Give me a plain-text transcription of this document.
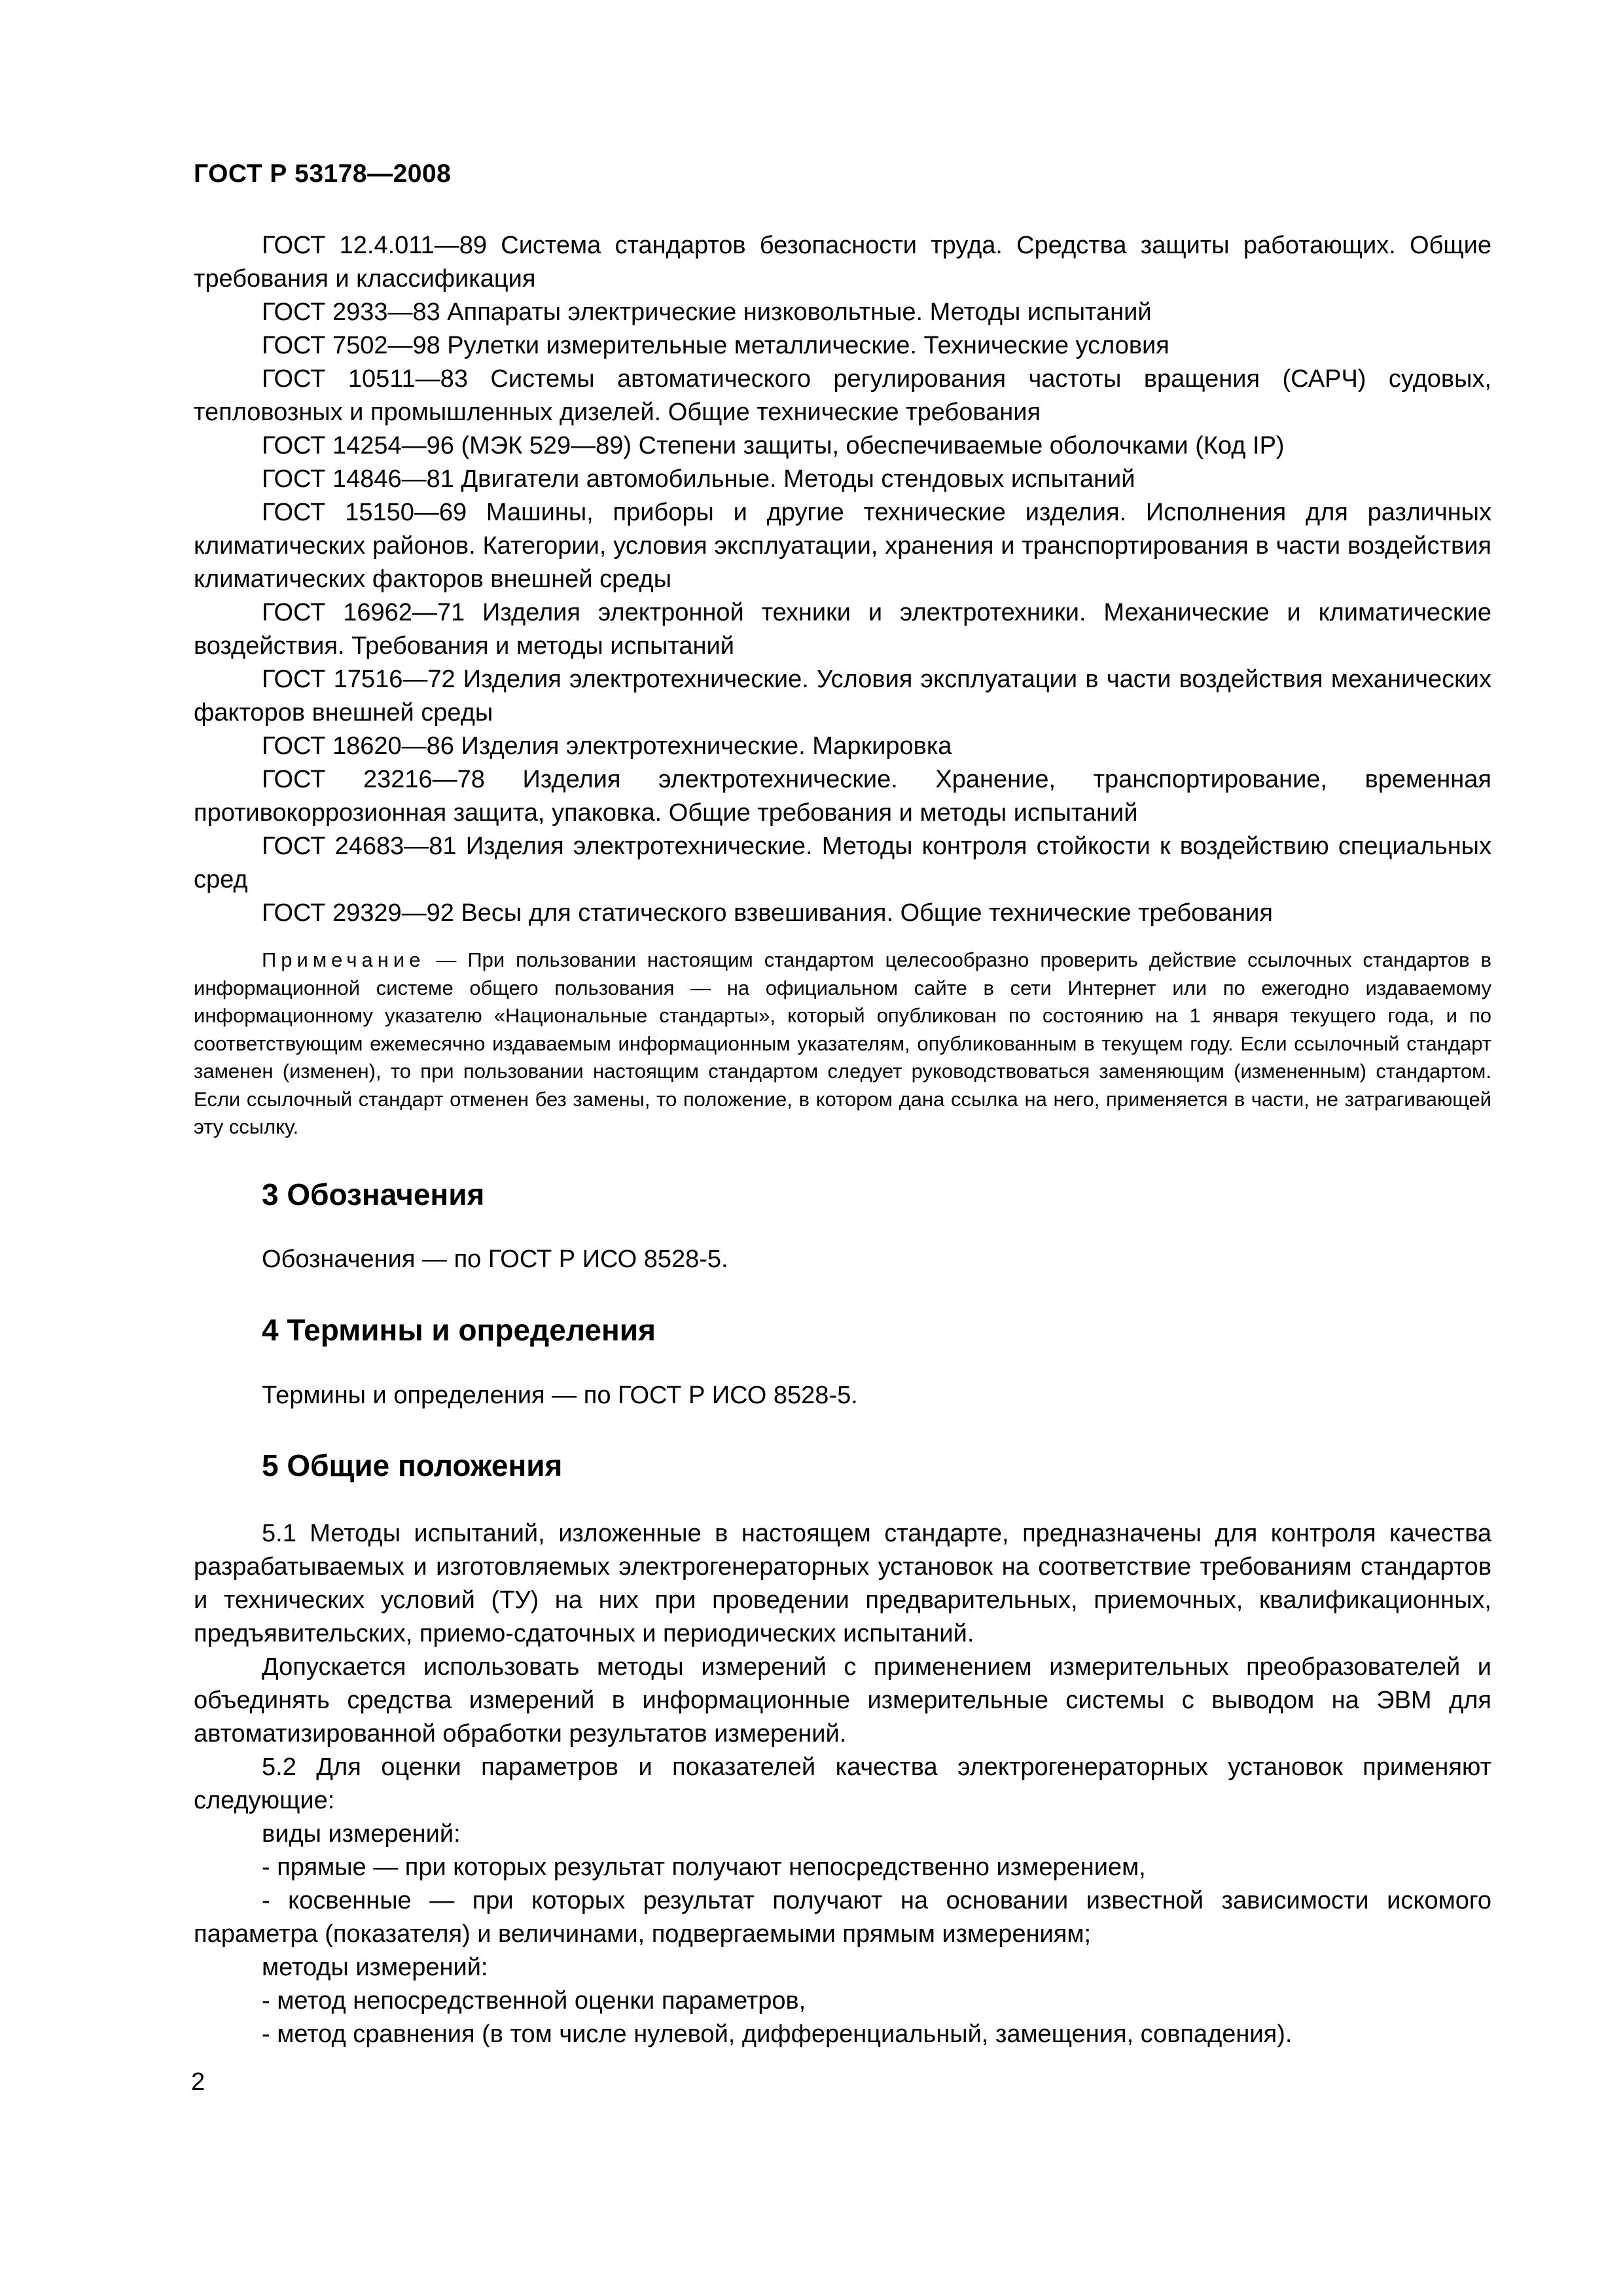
ГОСТ Р 53178—2008

ГОСТ 12.4.011—89 Система стандартов безопасности труда. Средства защиты работающих. Общие требования и классификация

ГОСТ 2933—83 Аппараты электрические низковольтные. Методы испытаний

ГОСТ 7502—98 Рулетки измерительные металлические. Технические условия

ГОСТ 10511—83 Системы автоматического регулирования частоты вращения (САРЧ) судовых, тепловозных и промышленных дизелей. Общие технические требования

ГОСТ 14254—96 (МЭК 529—89) Степени защиты, обеспечиваемые оболочками (Код IP)

ГОСТ 14846—81 Двигатели автомобильные. Методы стендовых испытаний

ГОСТ 15150—69 Машины, приборы и другие технические изделия. Исполнения для различных климатических районов. Категории, условия эксплуатации, хранения и транспортирования в части воздействия климатических факторов внешней среды

ГОСТ 16962—71 Изделия электронной техники и электротехники. Механические и климатические воздействия. Требования и методы испытаний

ГОСТ 17516—72 Изделия электротехнические. Условия эксплуатации в части воздействия механических факторов внешней среды

ГОСТ 18620—86 Изделия электротехнические. Маркировка

ГОСТ 23216—78 Изделия электротехнические. Хранение, транспортирование, временная противокоррозионная защита, упаковка. Общие требования и методы испытаний

ГОСТ 24683—81 Изделия электротехнические. Методы контроля стойкости к воздействию специальных сред

ГОСТ 29329—92 Весы для статического взвешивания. Общие технические требования

Примечание — При пользовании настоящим стандартом целесообразно проверить действие ссылочных стандартов в информационной системе общего пользования — на официальном сайте в сети Интернет или по ежегодно издаваемому информационному указателю «Национальные стандарты», который опубликован по состоянию на 1 января текущего года, и по соответствующим ежемесячно издаваемым информационным указателям, опубликованным в текущем году. Если ссылочный стандарт заменен (изменен), то при пользовании настоящим стандартом следует руководствоваться заменяющим (измененным) стандартом. Если ссылочный стандарт отменен без замены, то положение, в котором дана ссылка на него, применяется в части, не затрагивающей эту ссылку.

3 Обозначения
Обозначения — по ГОСТ Р ИСО 8528-5.
4 Термины и определения
Термины и определения — по ГОСТ Р ИСО 8528-5.
5 Общие положения

5.1 Методы испытаний, изложенные в настоящем стандарте, предназначены для контроля качества разрабатываемых и изготовляемых электрогенераторных установок на соответствие требованиям стандартов и технических условий (ТУ) на них при проведении предварительных, приемочных, квалификационных, предъявительских, приемо-сдаточных и периодических испытаний.

Допускается использовать методы измерений с применением измерительных преобразователей и объединять средства измерений в информационные измерительные системы с выводом на ЭВМ для автоматизированной обработки результатов измерений.

5.2 Для оценки параметров и показателей качества электрогенераторных установок применяют следующие:

виды измерений:

- прямые — при которых результат получают непосредственно измерением,

- косвенные — при которых результат получают на основании известной зависимости искомого параметра (показателя) и величинами, подвергаемыми прямым измерениям;

методы измерений:

- метод непосредственной оценки параметров,

- метод сравнения (в том числе нулевой, дифференциальный, замещения, совпадения).

2
